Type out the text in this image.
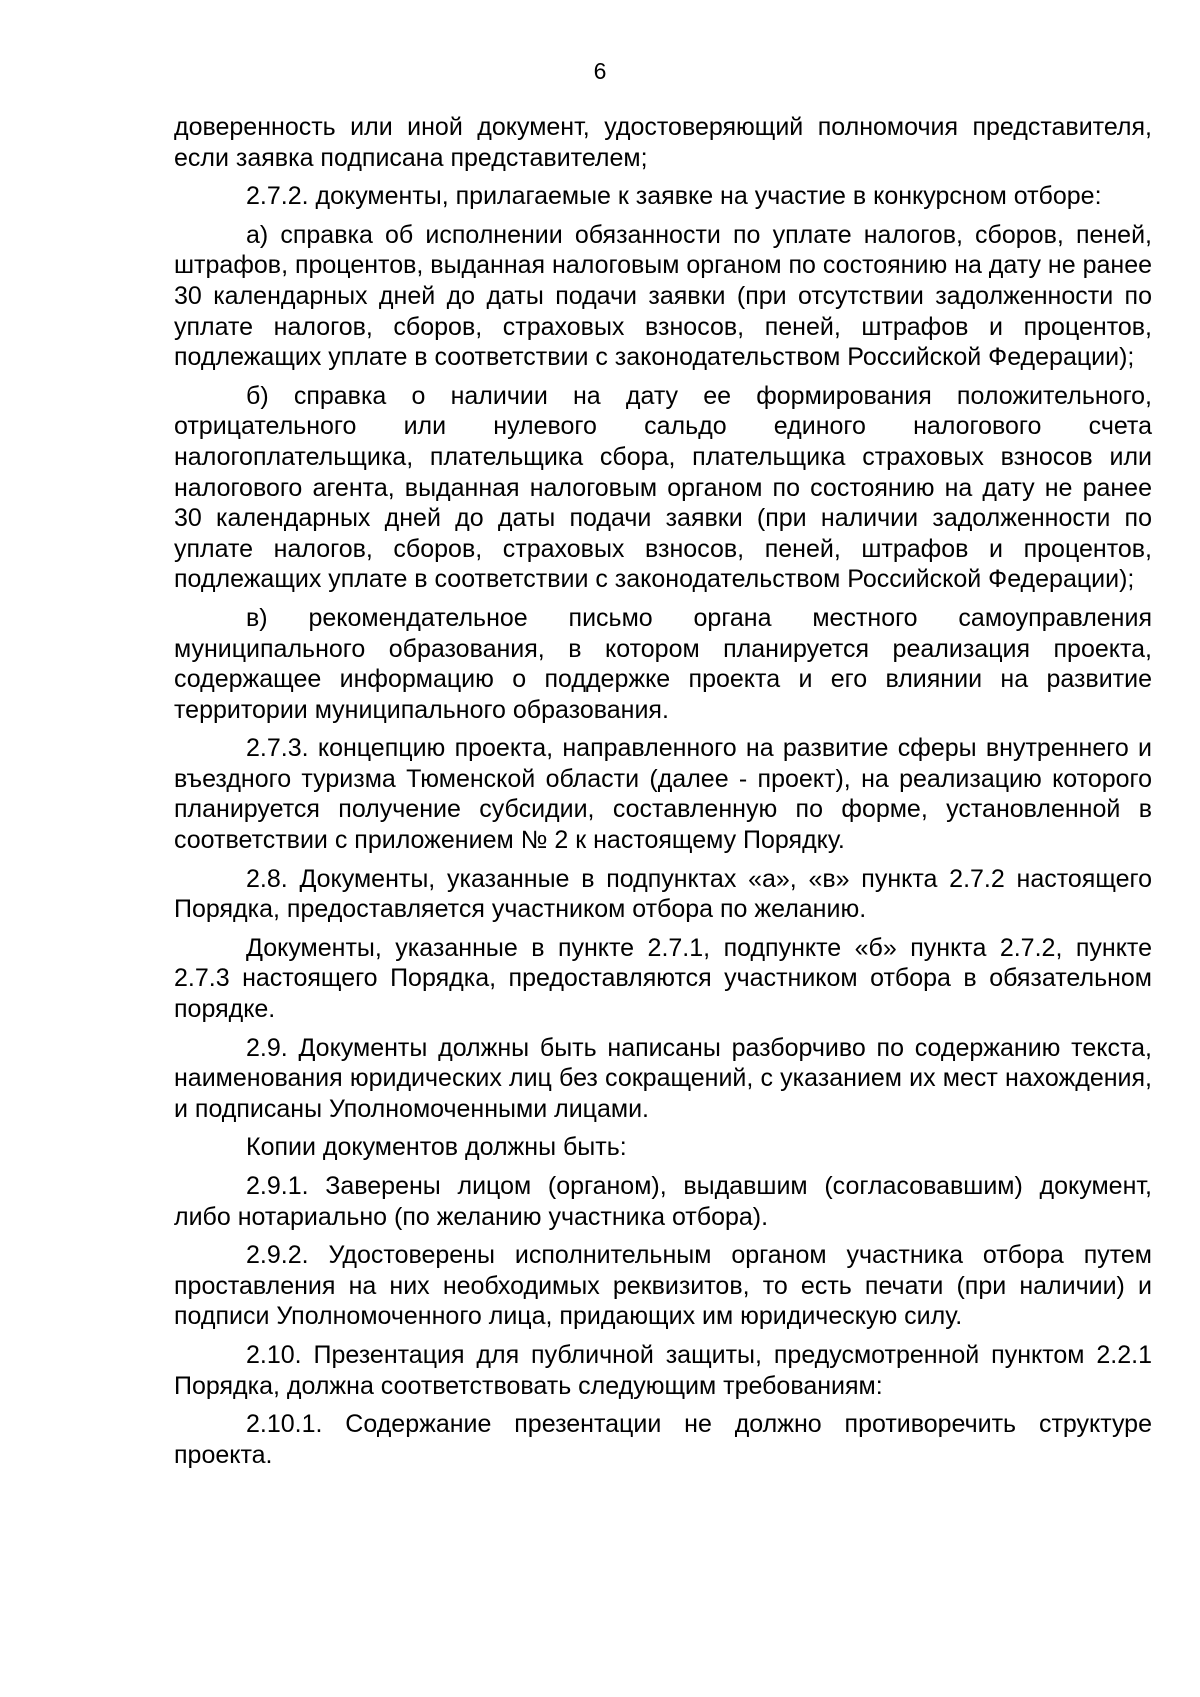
6

доверенность или иной документ, удостоверяющий полномочия представителя, если заявка подписана представителем;

2.7.2. документы, прилагаемые к заявке на участие в конкурсном отборе:

а) справка об исполнении обязанности по уплате налогов, сборов, пеней, штрафов, процентов, выданная налоговым органом по состоянию на дату не ранее 30 календарных дней до даты подачи заявки (при отсутствии задолженности по уплате налогов, сборов, страховых взносов, пеней, штрафов и процентов, подлежащих уплате в соответствии с законодательством Российской Федерации);

б) справка о наличии на дату ее формирования положительного, отрицательного или нулевого сальдо единого налогового счета налогоплательщика, плательщика сбора, плательщика страховых взносов или налогового агента, выданная налоговым органом по состоянию на дату не ранее 30 календарных дней до даты подачи заявки (при наличии задолженности по уплате налогов, сборов, страховых взносов, пеней, штрафов и процентов, подлежащих уплате в соответствии с законодательством Российской Федерации);

в) рекомендательное письмо органа местного самоуправления муниципального образования, в котором планируется реализация проекта, содержащее информацию о поддержке проекта и его влиянии на развитие территории муниципального образования.

2.7.3. концепцию проекта, направленного на развитие сферы внутреннего и въездного туризма Тюменской области (далее - проект), на реализацию которого планируется получение субсидии, составленную по форме, установленной в соответствии с приложением № 2 к настоящему Порядку.

2.8. Документы, указанные в подпунктах «а», «в» пункта 2.7.2 настоящего Порядка, предоставляется участником отбора по желанию.

Документы, указанные в пункте 2.7.1, подпункте «б» пункта 2.7.2, пункте 2.7.3 настоящего Порядка, предоставляются участником отбора в обязательном порядке.

2.9. Документы должны быть написаны разборчиво по содержанию текста, наименования юридических лиц без сокращений, с указанием их мест нахождения, и подписаны Уполномоченными лицами.

Копии документов должны быть:

2.9.1. Заверены лицом (органом), выдавшим (согласовавшим) документ, либо нотариально (по желанию участника отбора).

2.9.2. Удостоверены исполнительным органом участника отбора путем проставления на них необходимых реквизитов, то есть печати (при наличии) и подписи Уполномоченного лица, придающих им юридическую силу.

2.10. Презентация для публичной защиты, предусмотренной пунктом 2.2.1 Порядка, должна соответствовать следующим требованиям:

2.10.1. Содержание презентации не должно противоречить структуре проекта.
